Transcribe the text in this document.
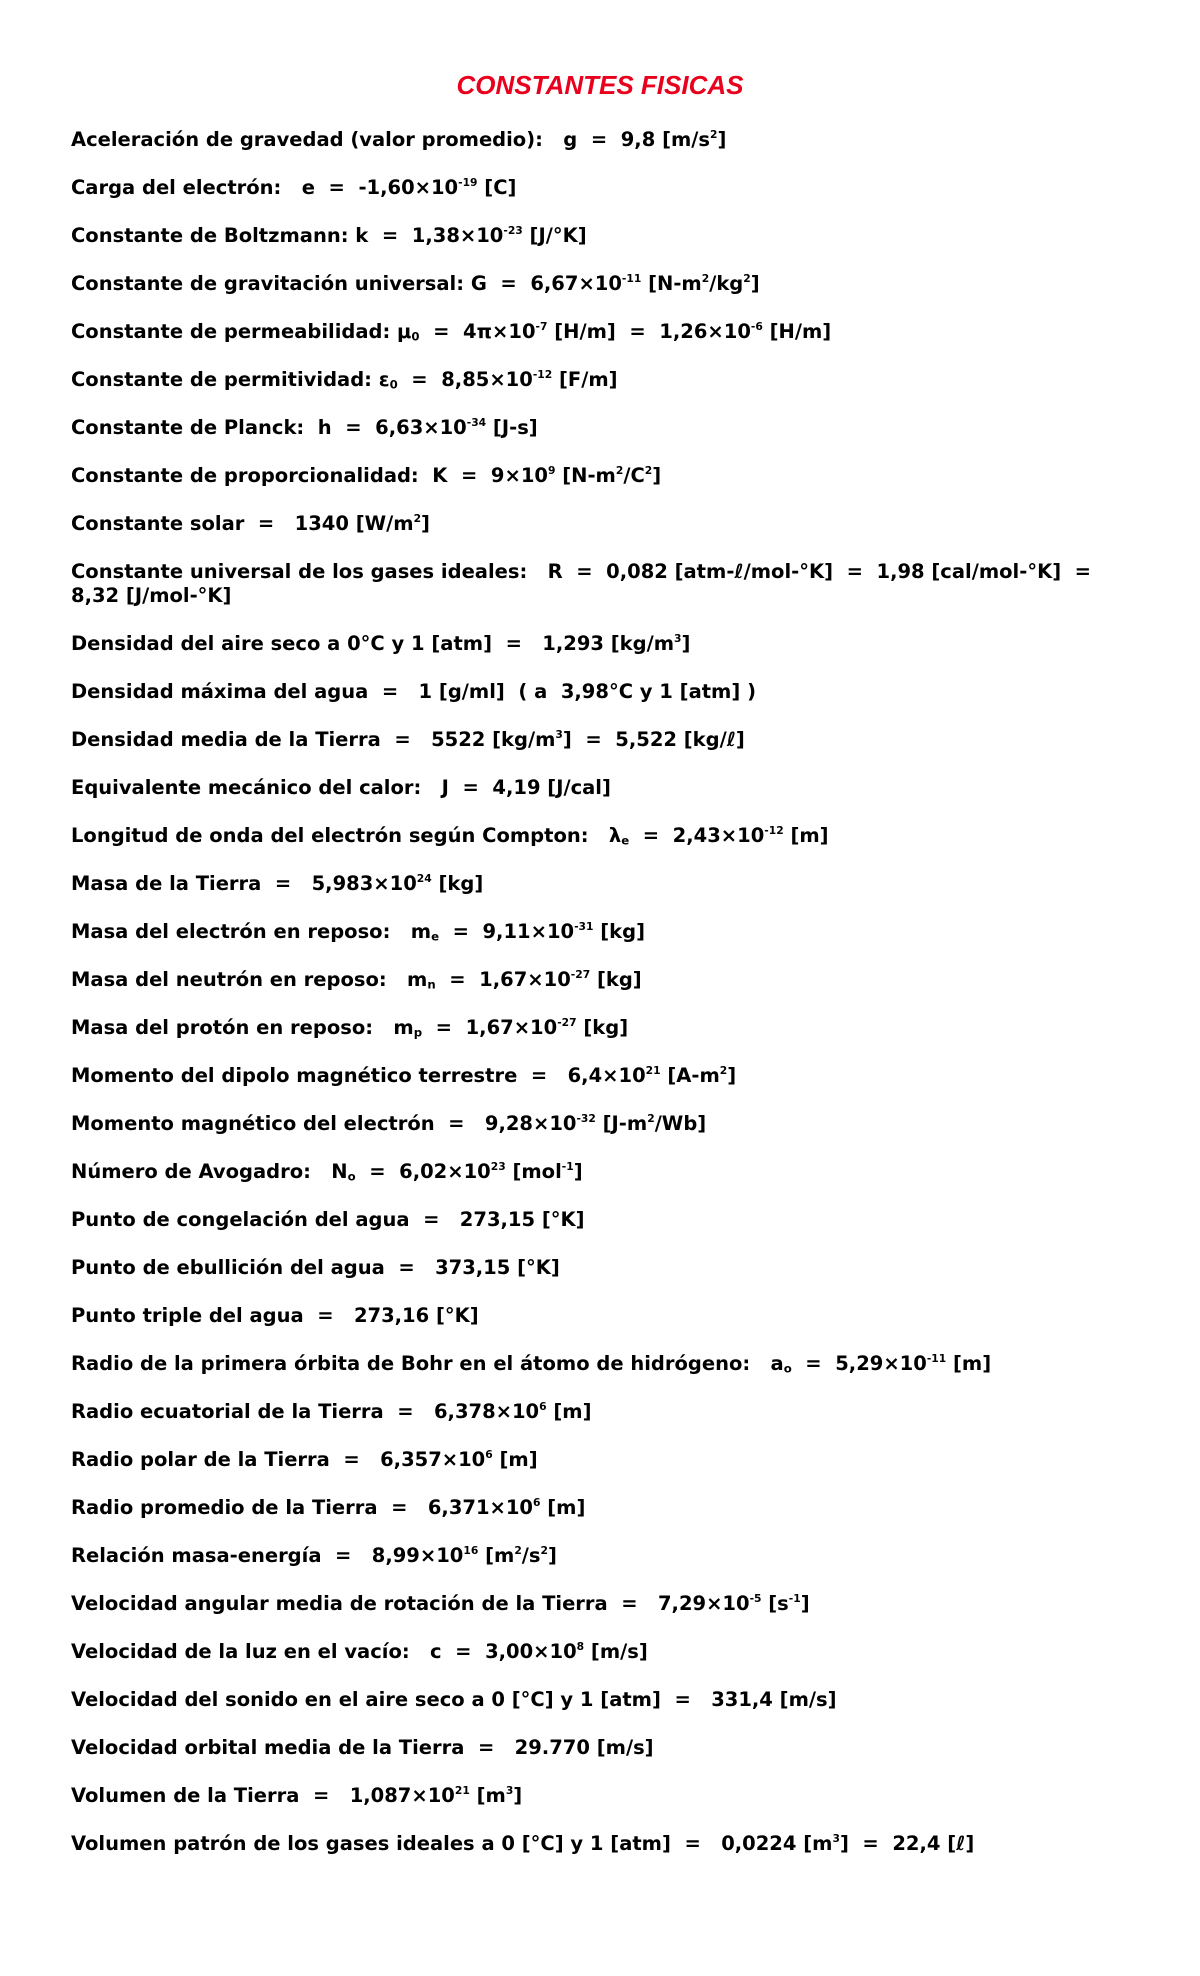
CONSTANTES FISICAS
Aceleración de gravedad (valor promedio):   g  =  9,8 $[m/s^2]$
Carga del electrón:   $e = -1,60\times 10^{-19}$ [C]
Constante de Boltzmann: $k = 1,38\times 10^{-23}$ [J/°K]
Constante de gravitación universal: $G = 6,67\times 10^{-11}$ $[N-m^2/kg^2]$
Constante de permeabilidad: $\mu_0 = 4\pi\times 10^{-7}$ $[H/m] = 1,26\times 10^{-6}$ [H/m]
Constante de permitividad: $\varepsilon_0 = 8,85\times 10^{-12}$ [F/m]
Constante de Planck:  $h = 6,63\times 10^{-34}$ [J-s]
Constante de proporcionalidad:  $K = 9\times 10^9$ $[N-m^2/C^2]$
Constante solar  =   1340 $[W/m^2]$
Constante universal de los gases ideales:   R  =  0,082 [atm-ℓ/mol-°K]  =  1,98 [cal/mol-°K]  =  8,32 [J/mol-°K]
Densidad del aire seco a 0°C y 1 [atm]  =   1,293 $[kg/m^3]$
Densidad máxima del agua  =   1 [g/ml]  ( a  3,98°C y 1 [atm] )
Densidad media de la Tierra  =   5522 $[kg/m^3] = 5,522$ [kg/ℓ]
Equivalente mecánico del calor:   J  =  4,19 [J/cal]
Longitud de onda del electrón según Compton:   $\lambda_e = 2,43\times 10^{-12}$ [m]
Masa de la Tierra  =   $5,983\times 10^{24}$ [kg]
Masa del electrón en reposo:   $m_e = 9,11\times 10^{-31}$ [kg]
Masa del neutrón en reposo:   $m_n = 1,67\times 10^{-27}$ [kg]
Masa del protón en reposo:   $m_p = 1,67\times 10^{-27}$ [kg]
Momento del dipolo magnético terrestre  =   $6,4\times 10^{21}$ $[A-m^2]$
Momento magnético del electrón  =   $9,28\times 10^{-32}$ $[J-m^2/Wb]$
Número de Avogadro:   $N_o = 6,02\times 10^{23}$ [mol$^{-1}$]
Punto de congelación del agua  =   273,15 [°K]
Punto de ebullición del agua  =   373,15 [°K]
Punto triple del agua  =   273,16 [°K]
Radio de la primera órbita de Bohr en el átomo de hidrógeno:   $a_o = 5,29\times 10^{-11}$ [m]
Radio ecuatorial de la Tierra  =   $6,378\times 10^6$ [m]
Radio polar de la Tierra  =   $6,357\times 10^6$ [m]
Radio promedio de la Tierra  =   $6,371\times 10^6$ [m]
Relación masa-energía  =   $8,99\times 10^{16}$ $[m^2/s^2]$
Velocidad angular media de rotación de la Tierra  =   $7,29\times 10^{-5}$ $[s^{-1}]$
Velocidad de la luz en el vacío:   $c = 3,00\times 10^8$ [m/s]
Velocidad del sonido en el aire seco a 0 [°C] y 1 [atm]  =   331,4 [m/s]
Velocidad orbital media de la Tierra  =   29.770 [m/s]
Volumen de la Tierra  =   $1,087\times 10^{21}$ $[m^3]$
Volumen patrón de los gases ideales a 0 [°C] y 1 [atm]  =   0,0224 $[m^3] = 22,4$ [ℓ]
